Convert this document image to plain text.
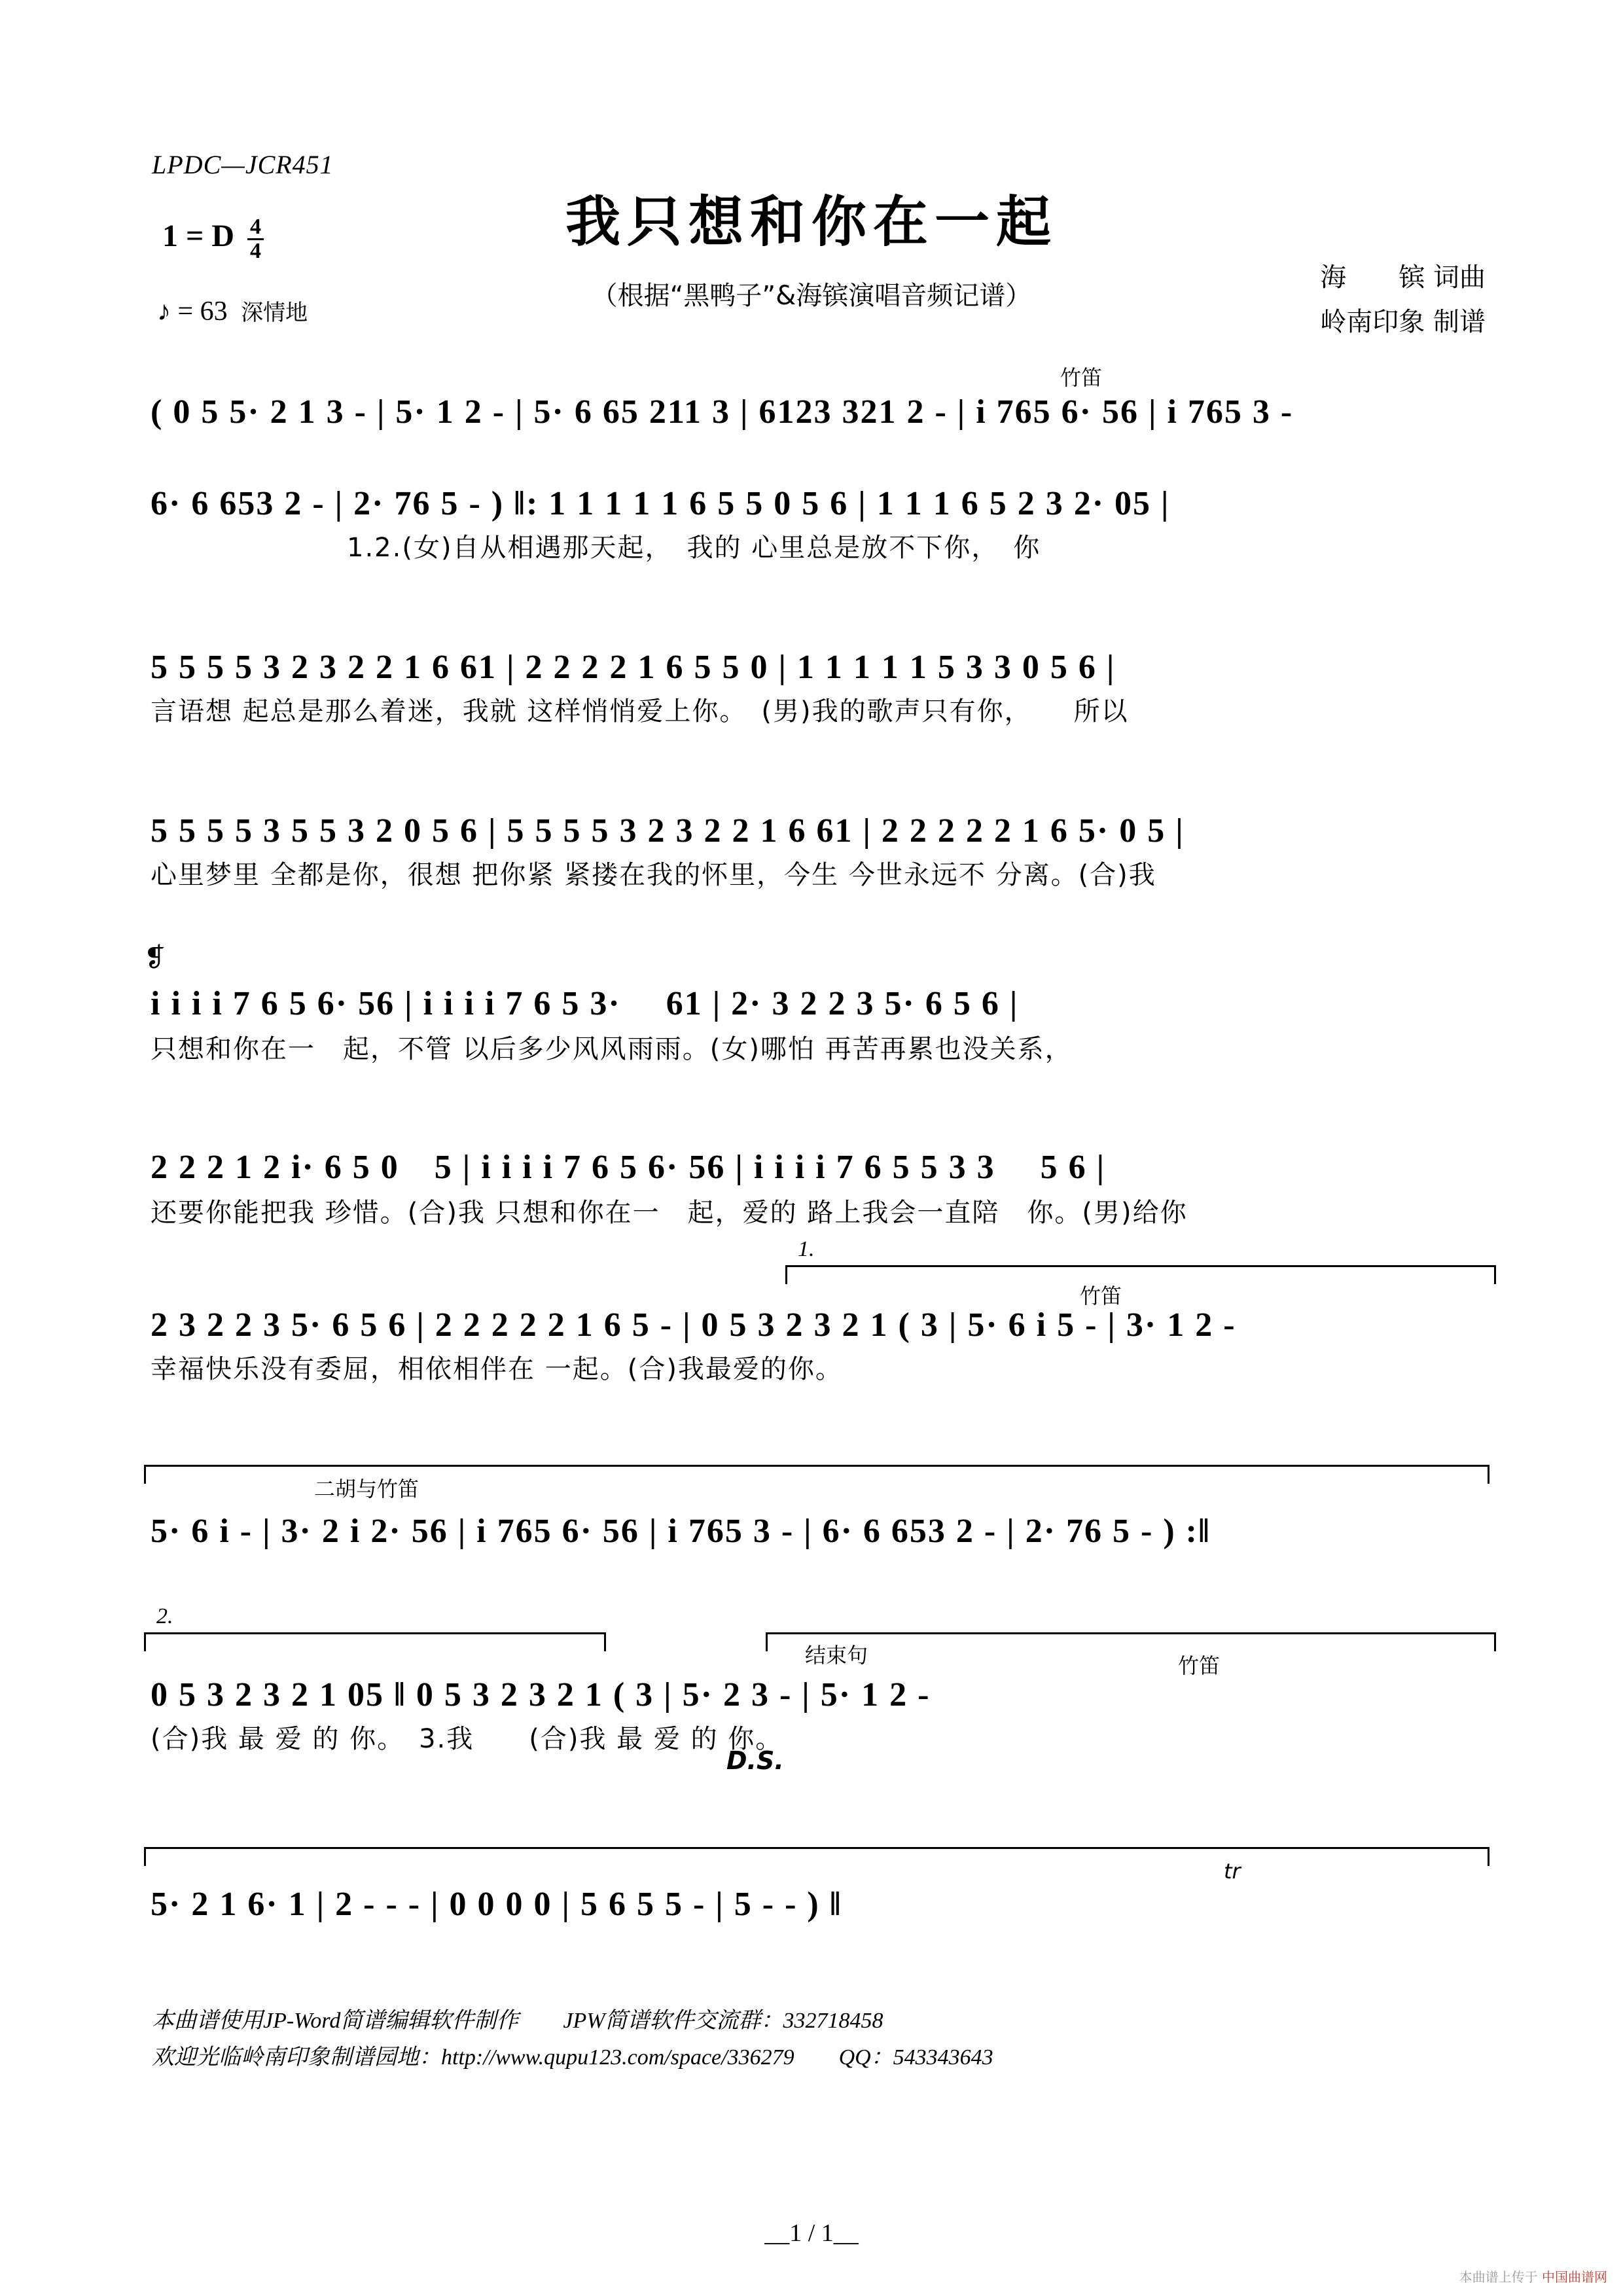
LPDC—JCR451
我只想和你在一起
（根据“黑鸭子”&海镔演唱音频记谱）
1 = D $\frac{4}{4}$
♪ = 63 深情地
海　　镔 词曲
岭南印象 制谱
竹笛
( 0 5 5· 2 1 3 - | 5· 1 2 - | 5· 6 65 211 3 | 6123 321 2 - | i 765 6· 56 | i 765 3 -
6· 6 653 2 - | 2· 76 5 - ) ‖: 1 1 1 1 1 6 5 5 0 5 6 | 1 1 1 6 5 2 3 2· 05 |
1.2.(女)自从相遇那天起，　我的 心里总是放不下你，　你
5 5 5 5 3 2 3 2 2 1 6 61 | 2 2 2 2 1 6 5 5 0 | 1 1 1 1 1 5 3 3 0 5 6 |
言语想 起总是那么着迷，我就 这样悄悄爱上你。　(男)我的歌声只有你，　　所以
5 5 5 5 3 5 5 3 2 0 5 6 | 5 5 5 5 3 2 3 2 2 1 6 61 | 2 2 2 2 2 1 6 5· 0 5 |
心里梦里 全都是你，很想 把你紧 紧搂在我的怀里，今生 今世永远不 分离。(合)我
❡
i i i i 7 6 5 6· 56 | i i i i 7 6 5 3·　 61 | 2· 3 2 2 3 5· 6 5 6 |
只想和你在一　起，不管 以后多少风风雨雨。(女)哪怕 再苦再累也没关系，
2 2 2 1 2 i· 6 5 0　5 | i i i i 7 6 5 6· 56 | i i i i 7 6 5 5 3 3 　5 6 |
还要你能把我 珍惜。(合)我 只想和你在一　起，爱的 路上我会一直陪　你。(男)给你
1.
竹笛
2 3 2 2 3 5· 6 5 6 | 2 2 2 2 2 1 6 5 - | 0 5 3 2 3 2 1 ( 3 | 5· 6 i 5 - | 3· 1 2 -
幸福快乐没有委屈，相依相伴在 一起。(合)我最爱的你。
二胡与竹笛
5· 6 i - | 3· 2 i 2· 56 | i 765 6· 56 | i 765 3 - | 6· 6 653 2 - | 2· 76 5 - ) :‖
2.
结束句	竹笛
0 5 3 2 3 2 1 05 ‖ 0 5 3 2 3 2 1 ( 3 | 5· 2 3 - | 5· 1 2 -
(合)我 最 爱 的 你。　3.我　　(合)我 最 爱 的 你。
D.S.
tr
5· 2 1 6· 1 | 2 - - - | 0 0 0 0 | 5 6 5 5 - | 5 - - ) ‖
本曲谱使用JP-Word简谱编辑软件制作　　JPW简谱软件交流群：332718458
欢迎光临岭南印象制谱园地：http://www.qupu123.com/space/336279　　QQ：543343643
__1 / 1__
本曲谱上传于 中国曲谱网
